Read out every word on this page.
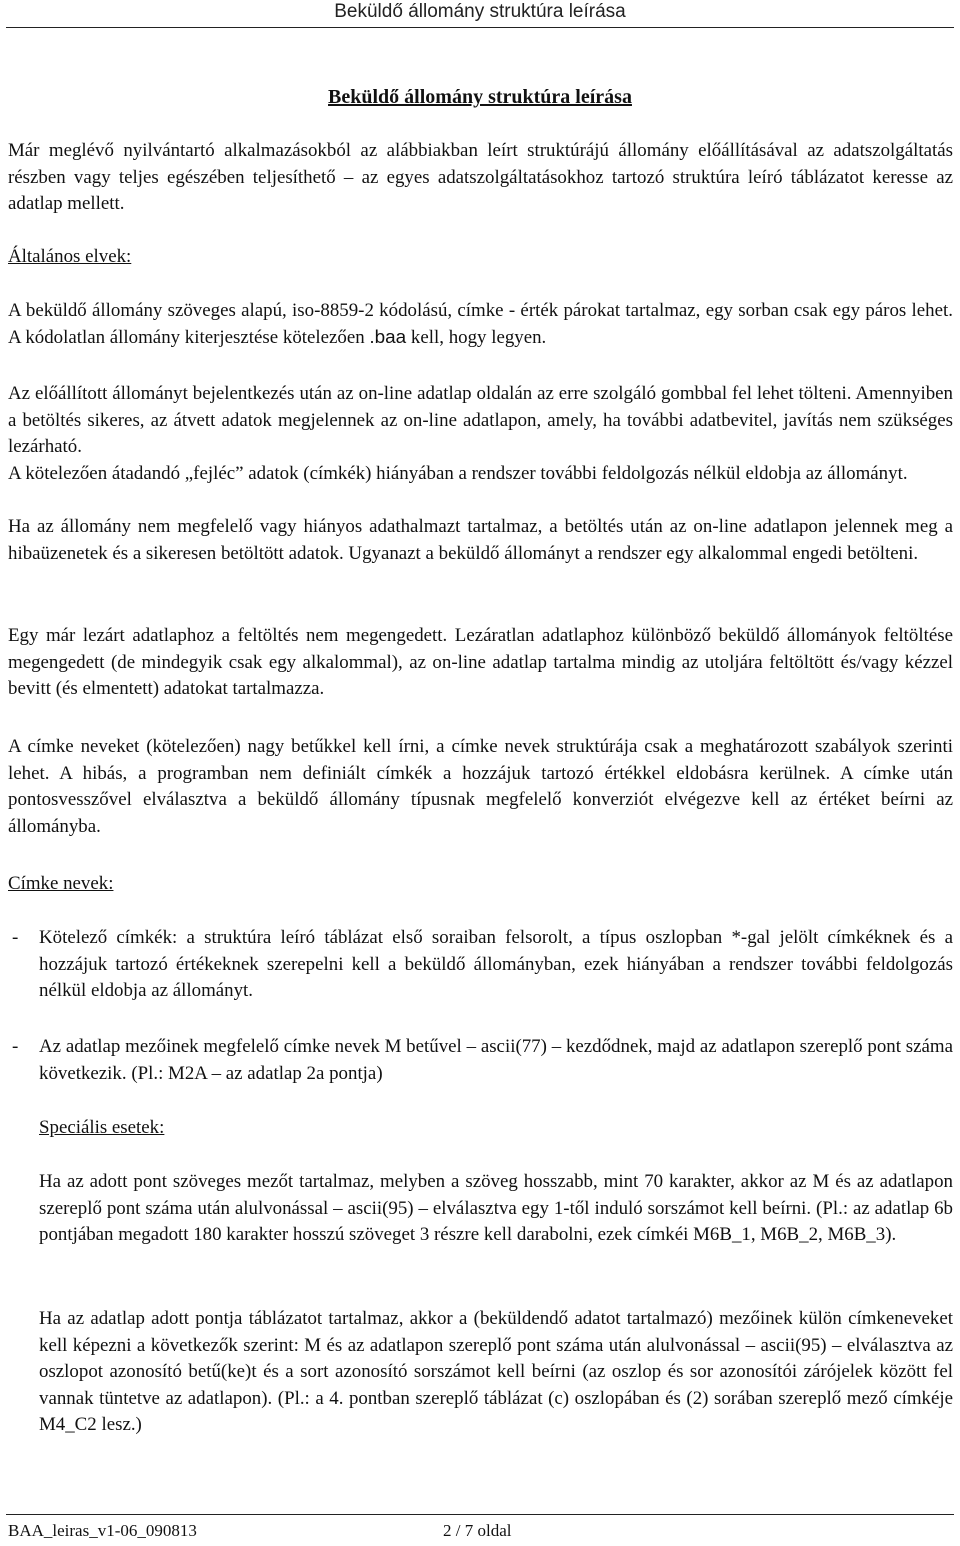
Beküldő állomány struktúra leírása
Beküldő állomány struktúra leírása
Már meglévő nyilvántartó alkalmazásokból az alábbiakban leírt struktúrájú állomány előállításával az adatszolgáltatás részben vagy teljes egészében teljesíthető – az egyes adatszolgáltatásokhoz tartozó struktúra leíró táblázatot keresse az adatlap mellett.
Általános elvek:
A beküldő állomány szöveges alapú, iso-8859-2 kódolású, címke - érték párokat tartalmaz, egy sorban csak egy páros lehet. A kódolatlan állomány kiterjesztése kötelezően .baa kell, hogy legyen.
Az előállított állományt bejelentkezés után az on-line adatlap oldalán az erre szolgáló gombbal fel lehet tölteni. Amennyiben a betöltés sikeres, az átvett adatok megjelennek az on-line adatlapon, amely, ha további adatbevitel, javítás nem szükséges lezárható.
A kötelezően átadandó „fejléc” adatok (címkék) hiányában a rendszer további feldolgozás nélkül eldobja az állományt.
Ha az állomány nem megfelelő vagy hiányos adathalmazt tartalmaz, a betöltés után az on-line adatlapon jelennek meg a hibaüzenetek és a sikeresen betöltött adatok. Ugyanazt a beküldő állományt a rendszer egy alkalommal engedi betölteni.
Egy már lezárt adatlaphoz a feltöltés nem megengedett. Lezáratlan adatlaphoz különböző beküldő állományok feltöltése megengedett (de mindegyik csak egy alkalommal), az on-line adatlap tartalma mindig az utoljára feltöltött és/vagy kézzel bevitt (és elmentett) adatokat tartalmazza.
A címke neveket (kötelezően) nagy betűkkel kell írni, a címke nevek struktúrája csak a meghatározott szabályok szerinti lehet. A hibás, a programban nem definiált címkék a hozzájuk tartozó értékkel eldobásra kerülnek. A címke után pontosvesszővel elválasztva a beküldő állomány típusnak megfelelő konverziót elvégezve kell az értéket beírni az állományba.
Címke nevek:
- Kötelező címkék: a struktúra leíró táblázat első soraiban felsorolt, a típus oszlopban *-gal jelölt címkéknek és a hozzájuk tartozó értékeknek szerepelni kell a beküldő állományban, ezek hiányában a rendszer további feldolgozás nélkül eldobja az állományt.
- Az adatlap mezőinek megfelelő címke nevek M betűvel – ascii(77) – kezdődnek, majd az adatlapon szereplő pont száma következik. (Pl.: M2A – az adatlap 2a pontja)
Speciális esetek:
Ha az adott pont szöveges mezőt tartalmaz, melyben a szöveg hosszabb, mint 70 karakter, akkor az M és az adatlapon szereplő pont száma után alulvonással – ascii(95) – elválasztva egy 1-től induló sorszámot kell beírni. (Pl.: az adatlap 6b pontjában megadott 180 karakter hosszú szöveget 3 részre kell darabolni, ezek címkéi M6B_1, M6B_2, M6B_3).
Ha az adatlap adott pontja táblázatot tartalmaz, akkor a (beküldendő adatot tartalmazó) mezőinek külön címkeneveket kell képezni a következők szerint: M és az adatlapon szereplő pont száma után alulvonással – ascii(95) – elválasztva az oszlopot azonosító betű(ke)t és a sort azonosító sorszámot kell beírni (az oszlop és sor azonosítói zárójelek között fel vannak tüntetve az adatlapon). (Pl.: a 4. pontban szereplő táblázat (c) oszlopában és (2) sorában szereplő mező címkéje M4_C2 lesz.)
BAA_leiras_v1-06_090813	2 / 7 oldal
